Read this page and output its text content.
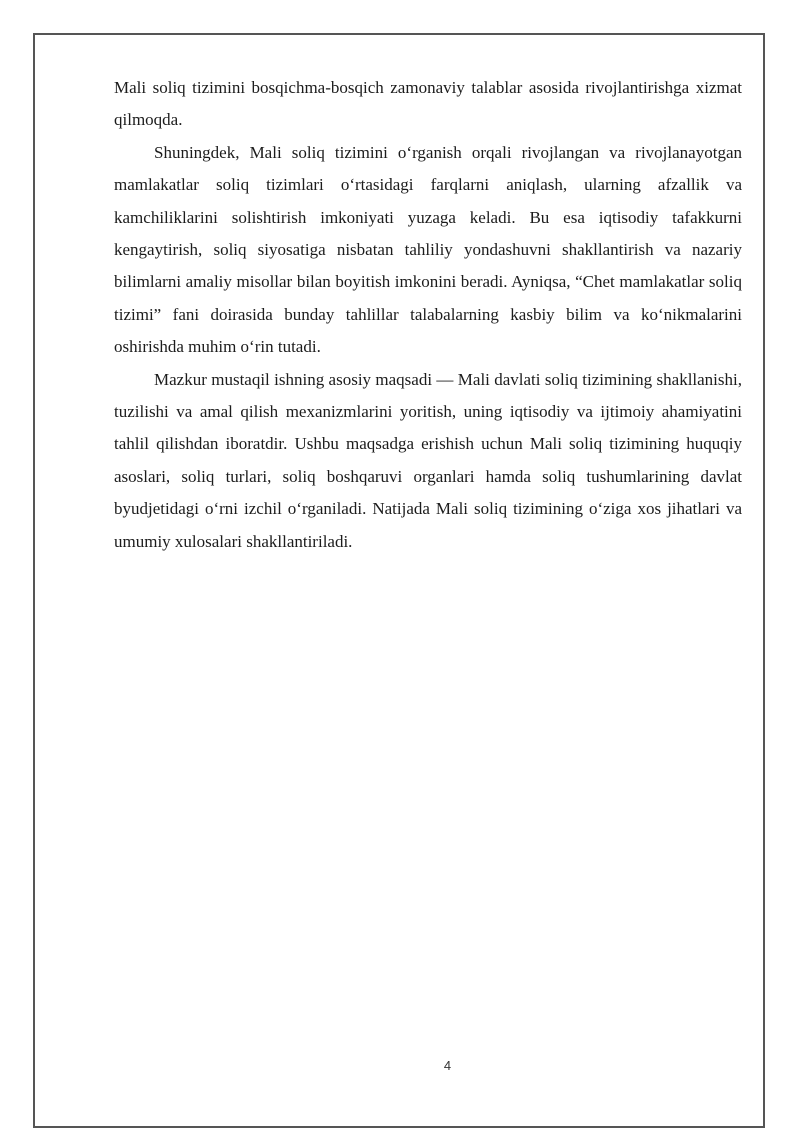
Mali soliq tizimini bosqichma-bosqich zamonaviy talablar asosida rivojlantirishga xizmat qilmoqda.

Shuningdek, Mali soliq tizimini oʻrganish orqali rivojlangan va rivojlanayotgan mamlakatlar soliq tizimlari oʻrtasidagi farqlarni aniqlash, ularning afzallik va kamchiliklarini solishtirish imkoniyati yuzaga keladi. Bu esa iqtisodiy tafakkurni kengaytirish, soliq siyosatiga nisbatan tahliliy yondashuvni shakllantirish va nazariy bilimlarni amaliy misollar bilan boyitish imkonini beradi. Ayniqsa, “Chet mamlakatlar soliq tizimi” fani doirasida bunday tahlillar talabalarning kasbiy bilim va koʻnikmalarini oshirishda muhim oʻrin tutadi.

Mazkur mustaqil ishning asosiy maqsadi — Mali davlati soliq tizimining shakllanishi, tuzilishi va amal qilish mexanizmlarini yoritish, uning iqtisodiy va ijtimoiy ahamiyatini tahlil qilishdan iboratdir. Ushbu maqsadga erishish uchun Mali soliq tizimining huquqiy asoslari, soliq turlari, soliq boshqaruvi organlari hamda soliq tushumlarining davlat byudjetidagi oʻrni izchil oʻrganiladi. Natijada Mali soliq tizimining oʻziga xos jihatlari va umumiy xulosalari shakllantiriladi.

4
